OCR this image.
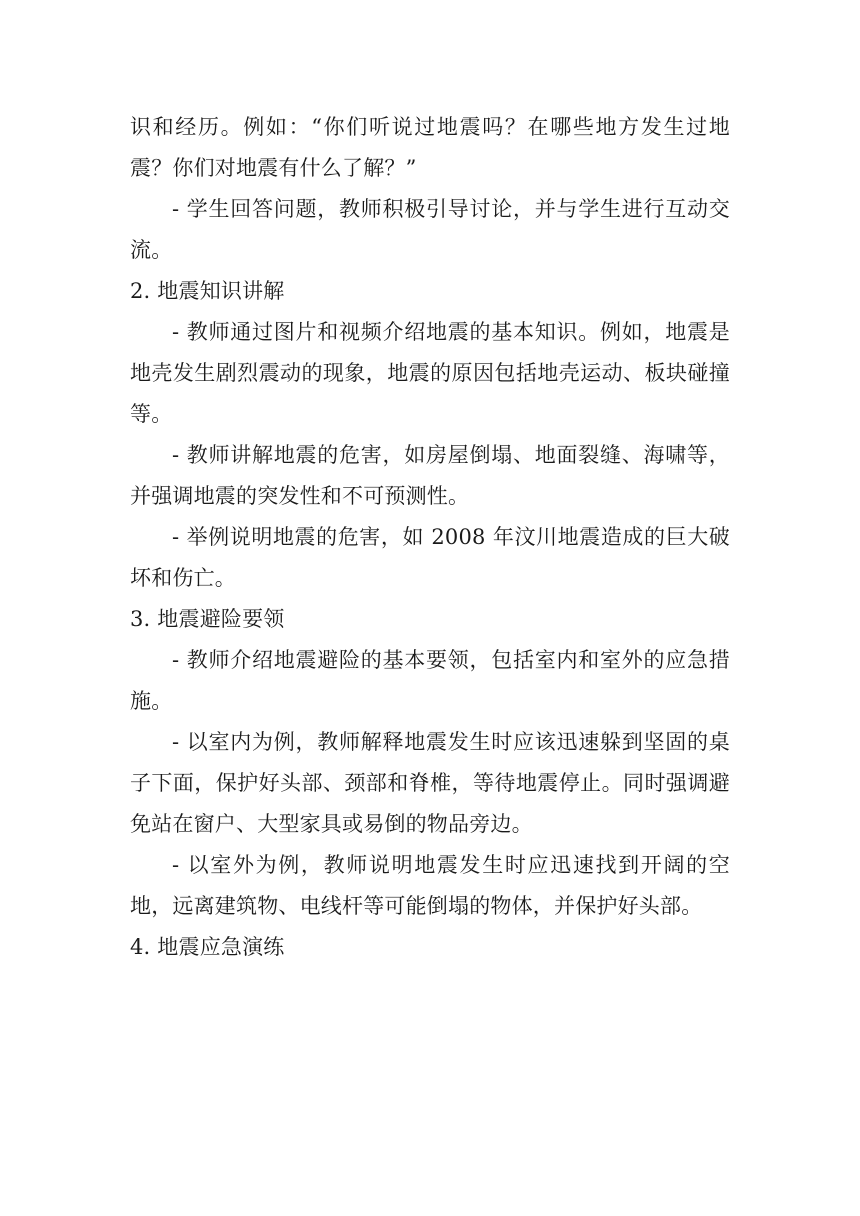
识和经历。例如：“你们听说过地震吗？在哪些地方发生过地震？你们对地震有什么了解？”

- 学生回答问题，教师积极引导讨论，并与学生进行互动交流。

2. 地震知识讲解

- 教师通过图片和视频介绍地震的基本知识。例如，地震是地壳发生剧烈震动的现象，地震的原因包括地壳运动、板块碰撞等。

- 教师讲解地震的危害，如房屋倒塌、地面裂缝、海啸等，并强调地震的突发性和不可预测性。

- 举例说明地震的危害，如 2008 年汶川地震造成的巨大破坏和伤亡。

3. 地震避险要领

- 教师介绍地震避险的基本要领，包括室内和室外的应急措施。

- 以室内为例，教师解释地震发生时应该迅速躲到坚固的桌子下面，保护好头部、颈部和脊椎，等待地震停止。同时强调避免站在窗户、大型家具或易倒的物品旁边。

- 以室外为例，教师说明地震发生时应迅速找到开阔的空地，远离建筑物、电线杆等可能倒塌的物体，并保护好头部。

4. 地震应急演练
